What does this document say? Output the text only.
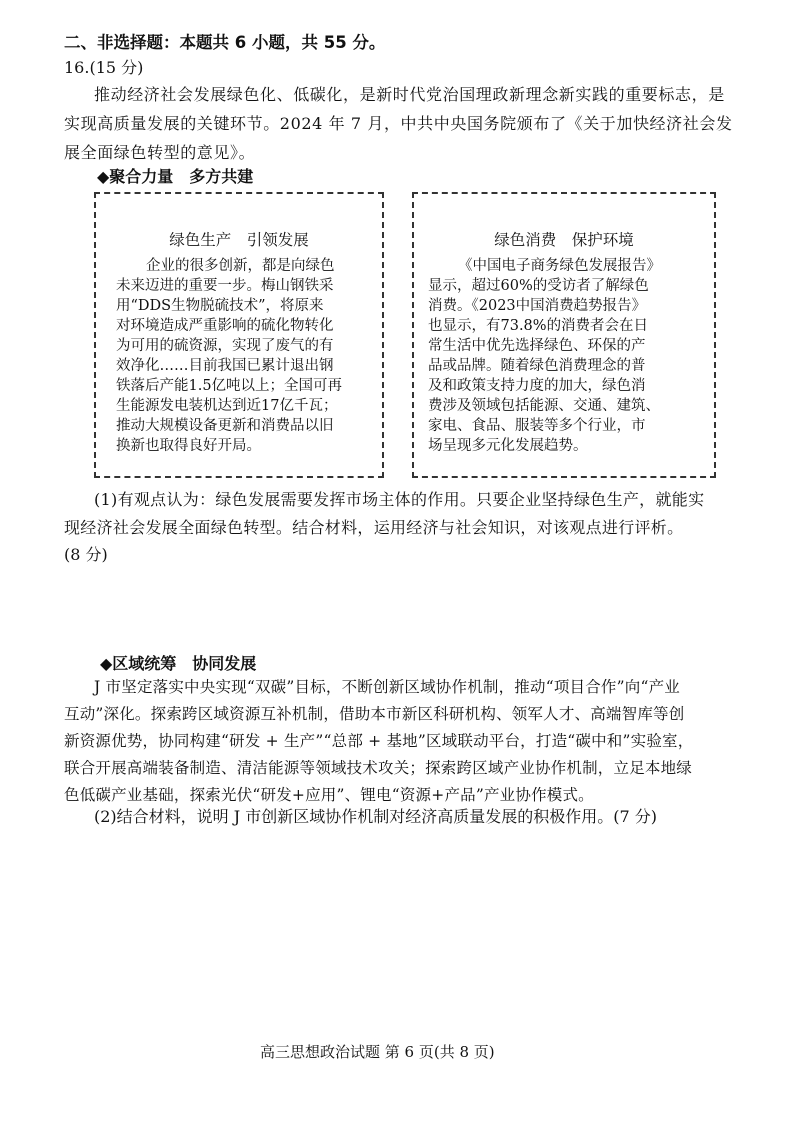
二、非选择题：本题共 6 小题，共 55 分。
16.(15 分)
推动经济社会发展绿色化、低碳化，是新时代党治国理政新理念新实践的重要标志，是
实现高质量发展的关键环节。2024 年 7 月，中共中央国务院颁布了《关于加快经济社会发
展全面绿色转型的意见》。
◆聚合力量　多方共建
绿色生产　引领发展
企业的很多创新，都是向绿色
未来迈进的重要一步。梅山钢铁采
用“DDS生物脱硫技术”，将原来
对环境造成严重影响的硫化物转化
为可用的硫资源，实现了废气的有
效净化……目前我国已累计退出钢
铁落后产能1.5亿吨以上；全国可再
生能源发电装机达到近17亿千瓦；
推动大规模设备更新和消费品以旧
换新也取得良好开局。
绿色消费　保护环境
《中国电子商务绿色发展报告》
显示，超过60%的受访者了解绿色
消费。《2023中国消费趋势报告》
也显示，有73.8%的消费者会在日
常生活中优先选择绿色、环保的产
品或品牌。随着绿色消费理念的普
及和政策支持力度的加大，绿色消
费涉及领域包括能源、交通、建筑、
家电、食品、服装等多个行业，市
场呈现多元化发展趋势。
(1)有观点认为：绿色发展需要发挥市场主体的作用。只要企业坚持绿色生产，就能实
现经济社会发展全面绿色转型。结合材料，运用经济与社会知识，对该观点进行评析。
(8 分)
◆区域统筹　协同发展
J 市坚定落实中央实现“双碳”目标，不断创新区域协作机制，推动“项目合作”向“产业
互动”深化。探索跨区域资源互补机制，借助本市新区科研机构、领军人才、高端智库等创
新资源优势，协同构建“研发 + 生产”“总部 + 基地”区域联动平台，打造“碳中和”实验室，
联合开展高端装备制造、清洁能源等领域技术攻关；探索跨区域产业协作机制，立足本地绿
色低碳产业基础，探索光伏“研发+应用”、锂电“资源+产品”产业协作模式。
(2)结合材料，说明 J 市创新区域协作机制对经济高质量发展的积极作用。(7 分)
高三思想政治试题 第 6 页(共 8 页)
